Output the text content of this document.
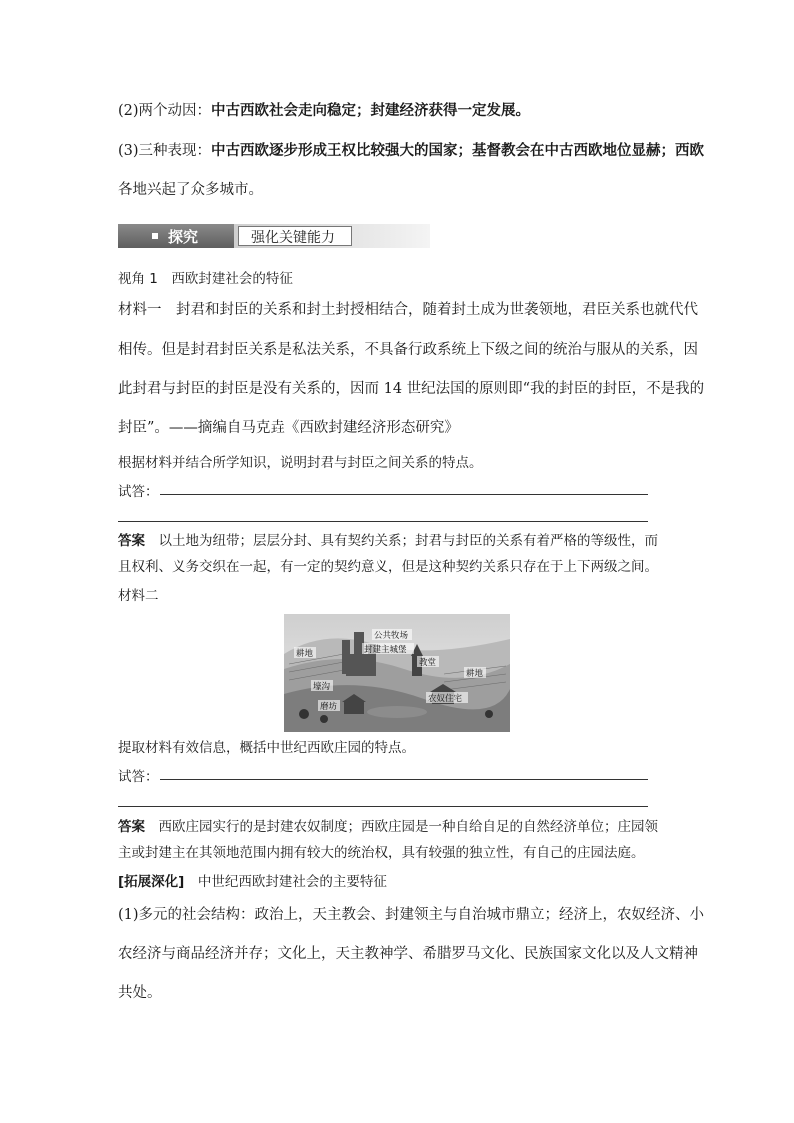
(2)两个动因：中古西欧社会走向稳定；封建经济获得一定发展。
(3)三种表现：中古西欧逐步形成王权比较强大的国家；基督教会在中古西欧地位显赫；西欧
各地兴起了众多城市。
探究	强化关键能力
视角 1　西欧封建社会的特征
材料一　 封君和封臣的关系和封土封授相结合，随着封土成为世袭领地，君臣关系也就代代
相传。但是封君封臣关系是私法关系，不具备行政系统上下级之间的统治与服从的关系，因
此封君与封臣的封臣是没有关系的，因而 14 世纪法国的原则即“我的封臣的封臣，不是我的
封臣”。——摘编自马克垚《西欧封建经济形态研究》
根据材料并结合所学知识，说明封君与封臣之间关系的特点。
试答：
答案　 以土地为纽带；层层分封、具有契约关系；封君与封臣的关系有着严格的等级性，而
且权利、义务交织在一起，有一定的契约意义，但是这种契约关系只存在于上下两级之间。
材料二
公共牧场
封建主城堡
耕地
教堂
耕地
壕沟
农奴住宅
磨坊
提取材料有效信息，概括中世纪西欧庄园的特点。
试答：
答案　 西欧庄园实行的是封建农奴制度；西欧庄园是一种自给自足的自然经济单位；庄园领
主或封建主在其领地范围内拥有较大的统治权，具有较强的独立性，有自己的庄园法庭。
[拓展深化]　 中世纪西欧封建社会的主要特征
(1)多元的社会结构：政治上，天主教会、封建领主与自治城市鼎立；经济上，农奴经济、小
农经济与商品经济并存；文化上，天主教神学、希腊罗马文化、民族国家文化以及人文精神
共处。
